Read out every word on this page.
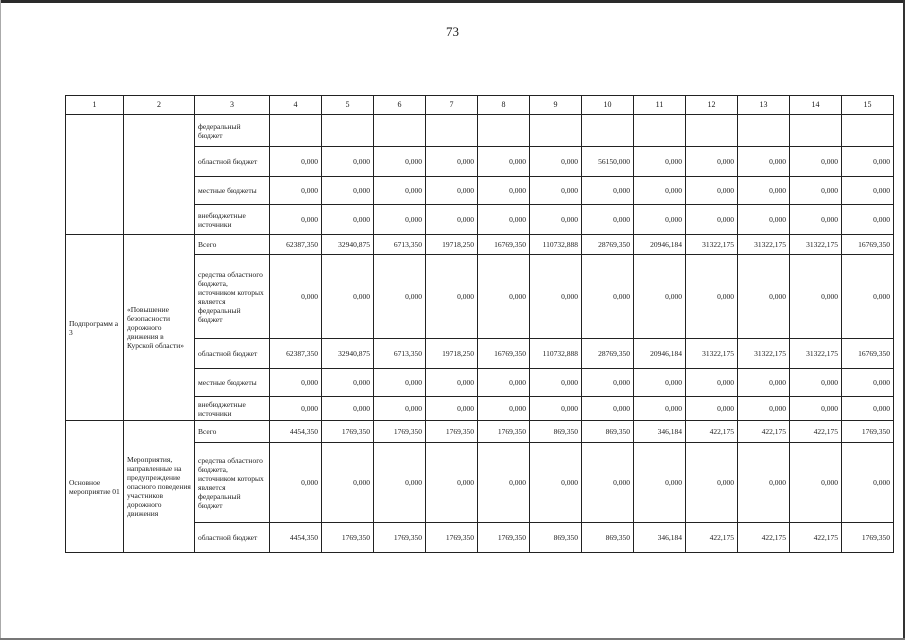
73
1	2	3	4	5	6	7	8	9	10	11	12	13	14	15
		федеральный бюджет												
		областной бюджет	0,000	0,000	0,000	0,000	0,000	0,000	56150,000	0,000	0,000	0,000	0,000	0,000
		местные бюджеты	0,000	0,000	0,000	0,000	0,000	0,000	0,000	0,000	0,000	0,000	0,000	0,000
		внебюджетные источники	0,000	0,000	0,000	0,000	0,000	0,000	0,000	0,000	0,000	0,000	0,000	0,000
Подпрограмм а 3	«Повышение безопасности дорожного движения в Курской области»	Всего	62387,350	32940,875	6713,350	19718,250	16769,350	110732,888	28769,350	20946,184	31322,175	31322,175	31322,175	16769,350
		средства областного бюджета, источником которых является федеральный бюджет	0,000	0,000	0,000	0,000	0,000	0,000	0,000	0,000	0,000	0,000	0,000	0,000
		областной бюджет	62387,350	32940,875	6713,350	19718,250	16769,350	110732,888	28769,350	20946,184	31322,175	31322,175	31322,175	16769,350
		местные бюджеты	0,000	0,000	0,000	0,000	0,000	0,000	0,000	0,000	0,000	0,000	0,000	0,000
		внебюджетные источники	0,000	0,000	0,000	0,000	0,000	0,000	0,000	0,000	0,000	0,000	0,000	0,000
Основное мероприятие 01	Мероприятия, направленные на предупреждение опасного поведения участников дорожного движения	Всего	4454,350	1769,350	1769,350	1769,350	1769,350	869,350	869,350	346,184	422,175	422,175	422,175	1769,350
		средства областного бюджета, источником которых является федеральный бюджет	0,000	0,000	0,000	0,000	0,000	0,000	0,000	0,000	0,000	0,000	0,000	0,000
		областной бюджет	4454,350	1769,350	1769,350	1769,350	1769,350	869,350	869,350	346,184	422,175	422,175	422,175	1769,350
